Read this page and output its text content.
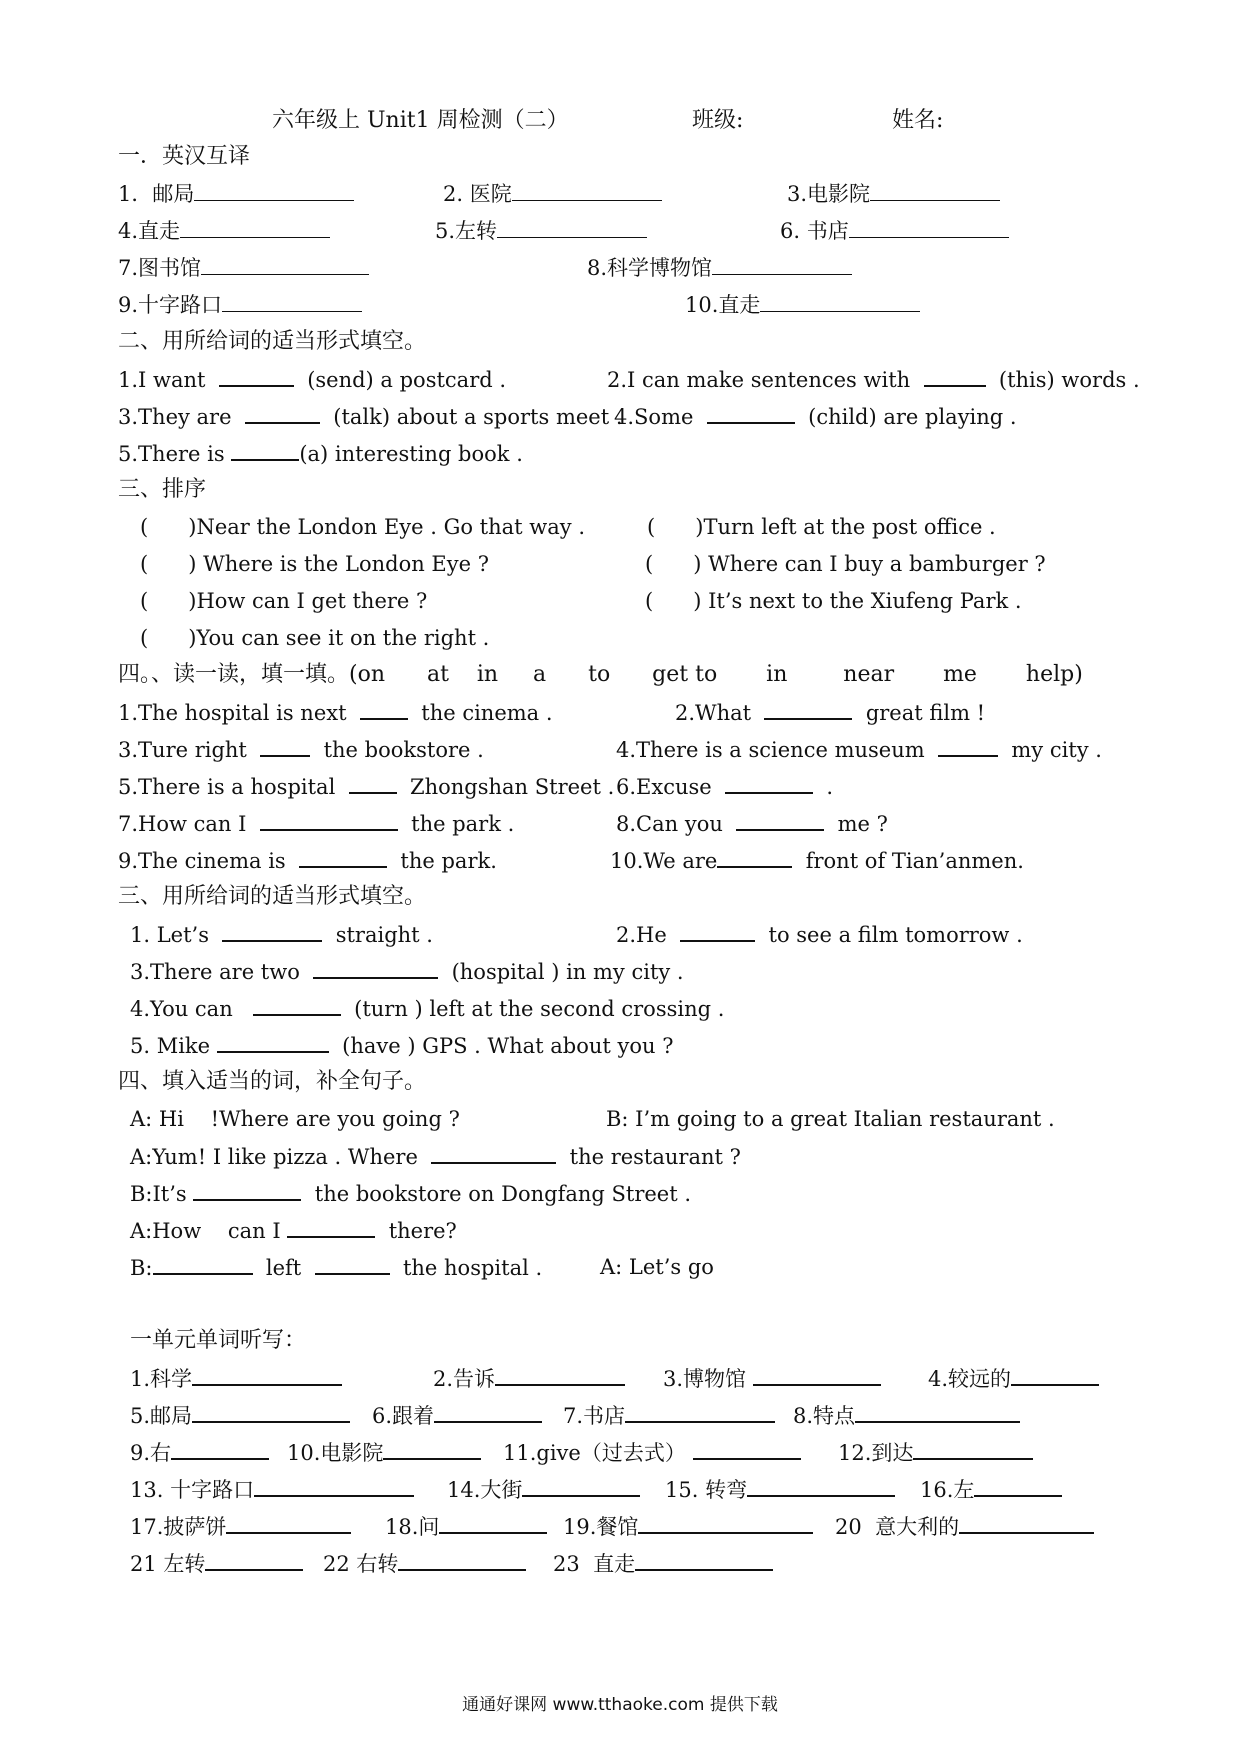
六年级上 Unit1 周检测（二）	班级:	姓名:
一．英汉互译
1．邮局	2. 医院	3.电影院
4.直走	5.左转	6. 书店
7.图书馆	8.科学博物馆
9.十字路口	10.直走
二、用所给词的适当形式填空。
1.I want	(send) a postcard .	2.I can make sentences with	(this) words .
3.They are	(talk) about a sports meet .
4.Some	(child) are playing .
5.There is	(a) interesting book .
三、排序
(      )Near the London Eye . Go that way .	(      )Turn left at the post office .
(      ) Where is the London Eye ?	(      ) Where can I buy a bamburger ?
(      )How can I get there ?	(      ) It’s next to the Xiufeng Park .
(      )You can see it on the right .
四。、读一读，填一填。(on      at    in     a      to      get to       in        near       me       help)
1.The hospital is next	the cinema .	2.What	great film !
3.Ture right	the bookstore .	4.There is a science museum	my city .
5.There is a hospital	Zhongshan Street . 6.Excuse	.
7.How can I	the park .	8.Can you	me ?
9.The cinema is	the park.	10.We are	front of Tian’anmen.
三、用所给词的适当形式填空。
1. Let’s	straight .	2.He	to see a film tomorrow .
3.There are two	(hospital ) in my city .
4.You can	(turn ) left at the second crossing .
5. Mike	(have ) GPS . What about you ?
四、填入适当的词，补全句子。
A: Hi    !Where are you going ?	B: I’m going to a great Italian restaurant .
A:Yum! I like pizza . Where	the restaurant ?
B:It’s	the bookstore on Dongfang Street .
A:How    can I	there?
B:	left	the hospital .	A: Let’s go
一单元单词听写：
1.科学	2.告诉	3.博物馆	4.较远的
5.邮局	6.跟着	7.书店	8.特点
9.右	10.电影院	11.give（过去式）	12.到达
13. 十字路口	14.大街	15. 转弯	16.左
17.披萨饼	18.问	19.餐馆	20  意大利的
21 左转	22 右转	23  直走
通通好课网 www.tthaoke.com 提供下载
